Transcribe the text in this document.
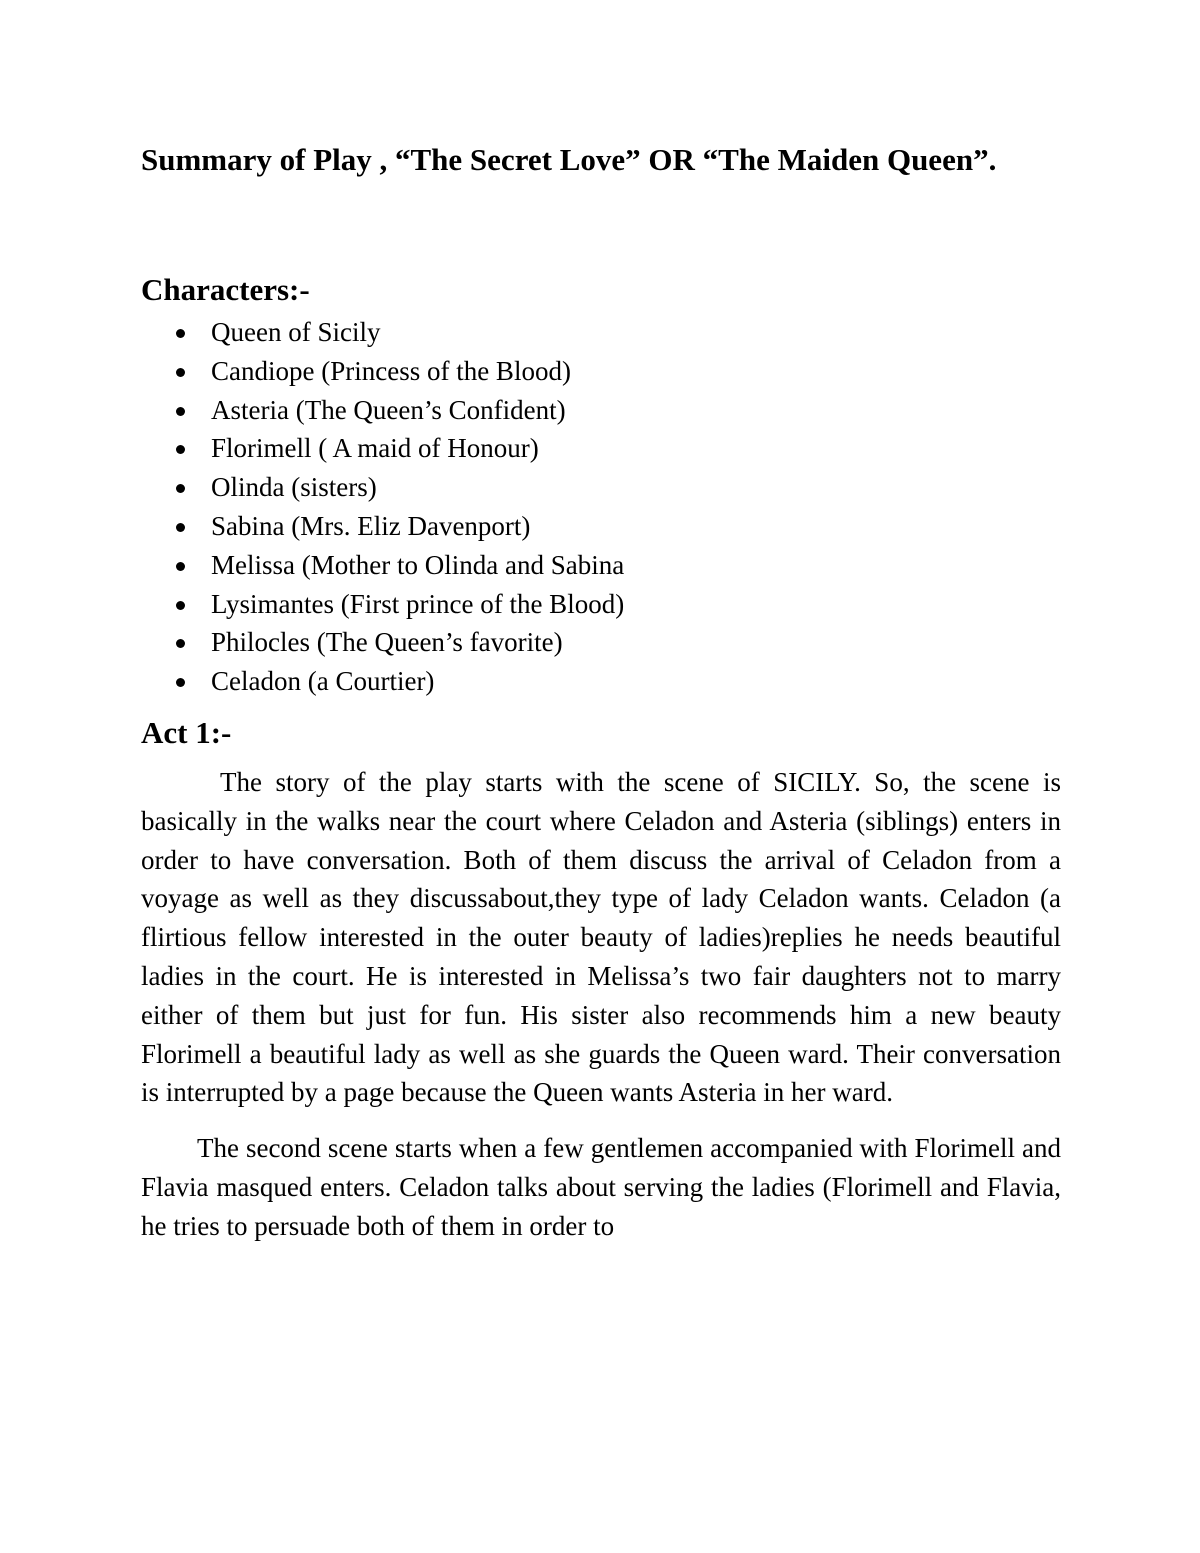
Summary of Play , “The Secret Love” OR “The Maiden Queen”.
Characters:-
Queen of Sicily
Candiope (Princess of the Blood)
Asteria (The Queen’s Confident)
Florimell ( A maid of Honour)
Olinda (sisters)
Sabina (Mrs. Eliz Davenport)
Melissa (Mother to Olinda and Sabina
Lysimantes (First prince of the Blood)
Philocles (The Queen’s favorite)
Celadon (a Courtier)
Act 1:-

The story of the play starts with the scene of SICILY. So, the scene is basically in the walks near the court where Celadon and Asteria (siblings) enters in order to have conversation. Both of them discuss the arrival of Celadon from a voyage as well as they discussabout,they type of lady Celadon wants. Celadon (a flirtious fellow interested in the outer beauty of ladies)replies he needs beautiful ladies in the court. He is interested in Melissa’s two fair daughters not to marry either of them but just for fun. His sister also recommends him a new beauty Florimell a beautiful lady as well as she guards the Queen ward. Their conversation is interrupted by a page because the Queen wants Asteria in her ward.

The second scene starts when a few gentlemen accompanied with Florimell and Flavia masqued enters. Celadon talks about serving the ladies (Florimell and Flavia, he tries to persuade both of them in order to
